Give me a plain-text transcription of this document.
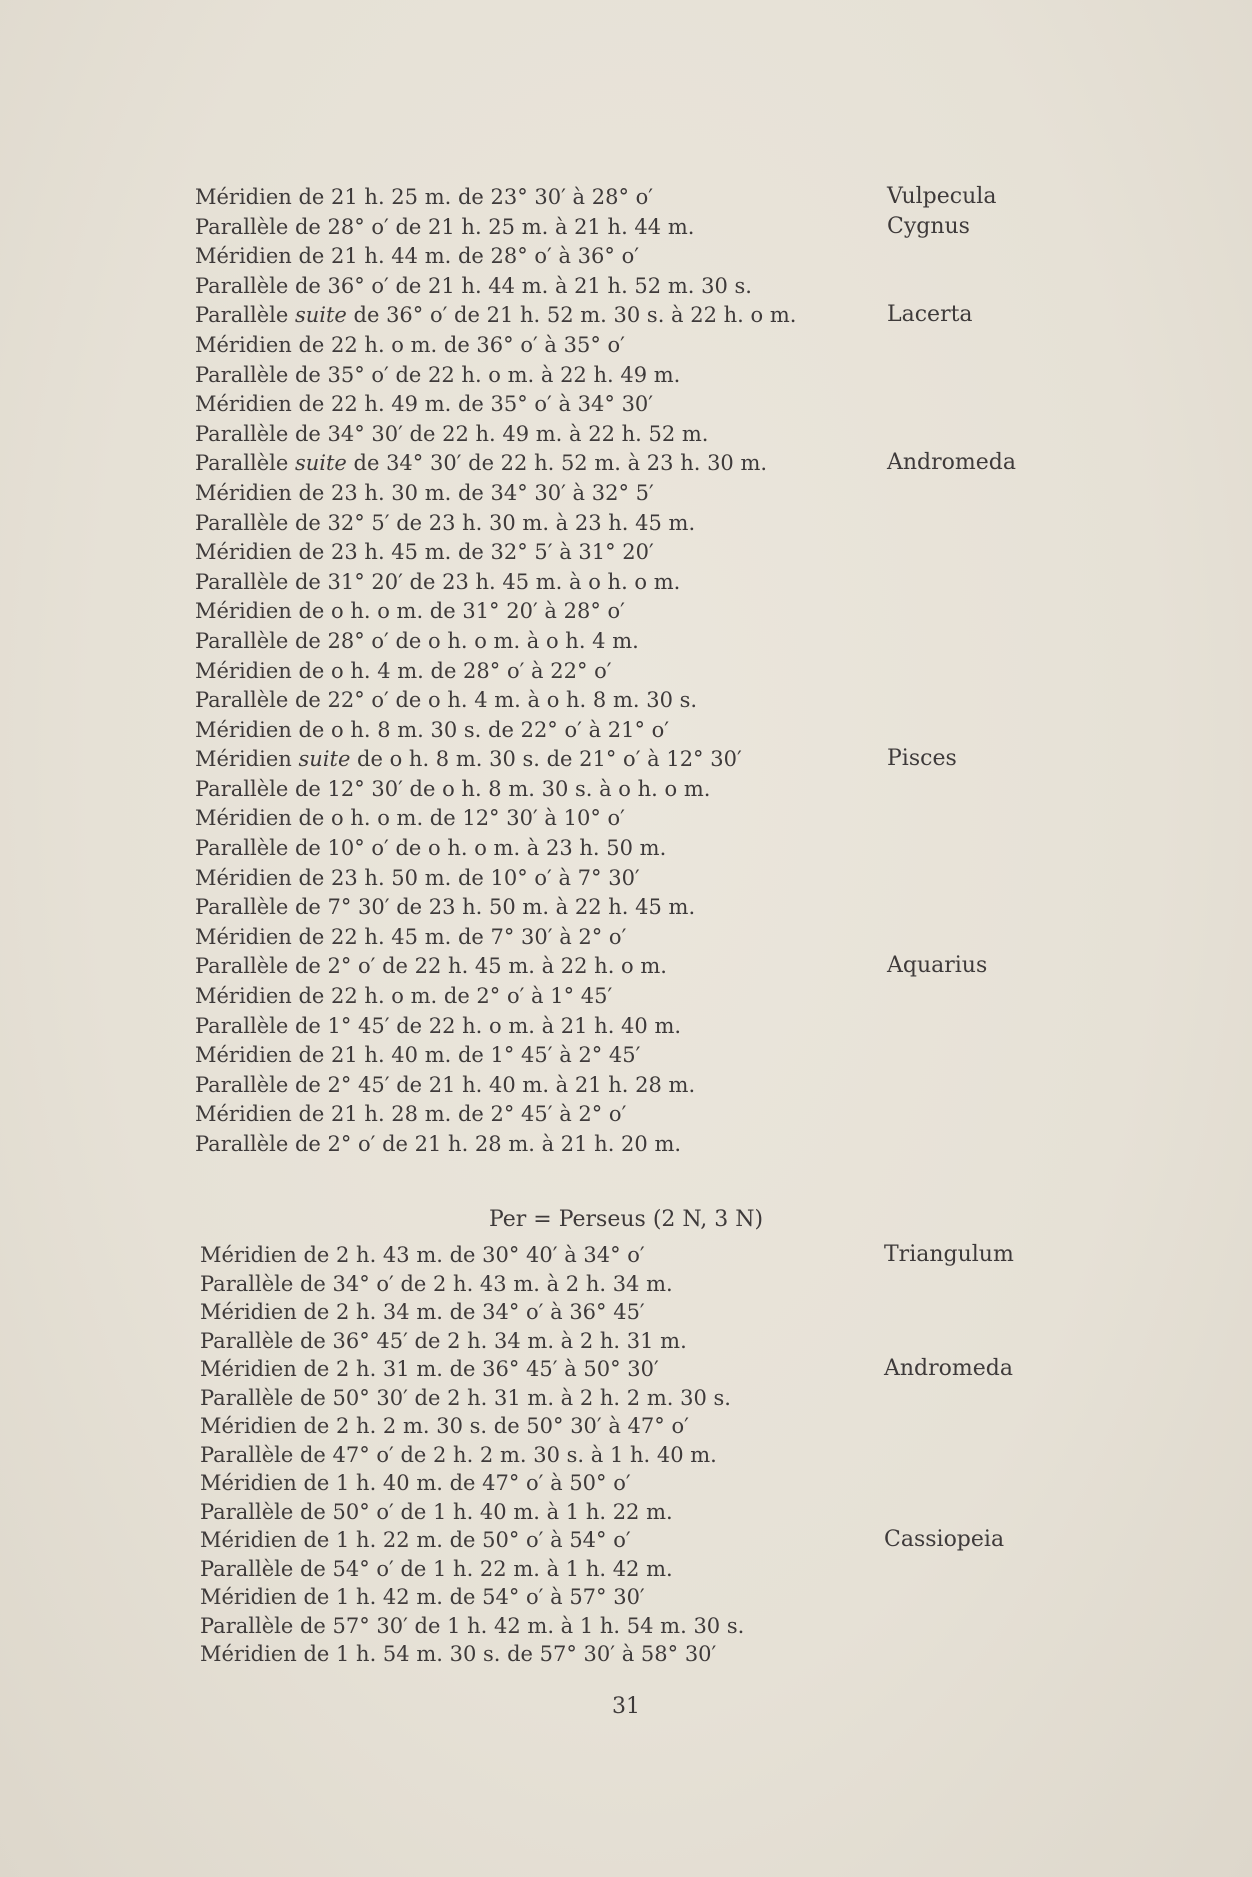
Méridien de 21 h. 25 m. de 23° 30′ à 28° o′	Vulpecula
Parallèle de 28° o′ de 21 h. 25 m. à 21 h. 44 m.	Cygnus
Méridien de 21 h. 44 m. de 28° o′ à 36° o′
Parallèle de 36° o′ de 21 h. 44 m. à 21 h. 52 m. 30 s.
Parallèle suite de 36° o′ de 21 h. 52 m. 30 s. à 22 h. o m.	Lacerta
Méridien de 22 h. o m. de 36° o′ à 35° o′
Parallèle de 35° o′ de 22 h. o m. à 22 h. 49 m.
Méridien de 22 h. 49 m. de 35° o′ à 34° 30′
Parallèle de 34° 30′ de 22 h. 49 m. à 22 h. 52 m.
Parallèle suite de 34° 30′ de 22 h. 52 m. à 23 h. 30 m.	Andromeda
Méridien de 23 h. 30 m. de 34° 30′ à 32° 5′
Parallèle de 32° 5′ de 23 h. 30 m. à 23 h. 45 m.
Méridien de 23 h. 45 m. de 32° 5′ à 31° 20′
Parallèle de 31° 20′ de 23 h. 45 m. à o h. o m.
Méridien de o h. o m. de 31° 20′ à 28° o′
Parallèle de 28° o′ de o h. o m. à o h. 4 m.
Méridien de o h. 4 m. de 28° o′ à 22° o′
Parallèle de 22° o′ de o h. 4 m. à o h. 8 m. 30 s.
Méridien de o h. 8 m. 30 s. de 22° o′ à 21° o′
Méridien suite de o h. 8 m. 30 s. de 21° o′ à 12° 30′	Pisces
Parallèle de 12° 30′ de o h. 8 m. 30 s. à o h. o m.
Méridien de o h. o m. de 12° 30′ à 10° o′
Parallèle de 10° o′ de o h. o m. à 23 h. 50 m.
Méridien de 23 h. 50 m. de 10° o′ à 7° 30′
Parallèle de 7° 30′ de 23 h. 50 m. à 22 h. 45 m.
Méridien de 22 h. 45 m. de 7° 30′ à 2° o′
Parallèle de 2° o′ de 22 h. 45 m. à 22 h. o m.	Aquarius
Méridien de 22 h. o m. de 2° o′ à 1° 45′
Parallèle de 1° 45′ de 22 h. o m. à 21 h. 40 m.
Méridien de 21 h. 40 m. de 1° 45′ à 2° 45′
Parallèle de 2° 45′ de 21 h. 40 m. à 21 h. 28 m.
Méridien de 21 h. 28 m. de 2° 45′ à 2° o′
Parallèle de 2° o′ de 21 h. 28 m. à 21 h. 20 m.
Per = Perseus (2 N, 3 N)
Méridien de 2 h. 43 m. de 30° 40′ à 34° o′	Triangulum
Parallèle de 34° o′ de 2 h. 43 m. à 2 h. 34 m.
Méridien de 2 h. 34 m. de 34° o′ à 36° 45′
Parallèle de 36° 45′ de 2 h. 34 m. à 2 h. 31 m.
Méridien de 2 h. 31 m. de 36° 45′ à 50° 30′	Andromeda
Parallèle de 50° 30′ de 2 h. 31 m. à 2 h. 2 m. 30 s.
Méridien de 2 h. 2 m. 30 s. de 50° 30′ à 47° o′
Parallèle de 47° o′ de 2 h. 2 m. 30 s. à 1 h. 40 m.
Méridien de 1 h. 40 m. de 47° o′ à 50° o′
Parallèle de 50° o′ de 1 h. 40 m. à 1 h. 22 m.
Méridien de 1 h. 22 m. de 50° o′ à 54° o′	Cassiopeia
Parallèle de 54° o′ de 1 h. 22 m. à 1 h. 42 m.
Méridien de 1 h. 42 m. de 54° o′ à 57° 30′
Parallèle de 57° 30′ de 1 h. 42 m. à 1 h. 54 m. 30 s.
Méridien de 1 h. 54 m. 30 s. de 57° 30′ à 58° 30′
31
